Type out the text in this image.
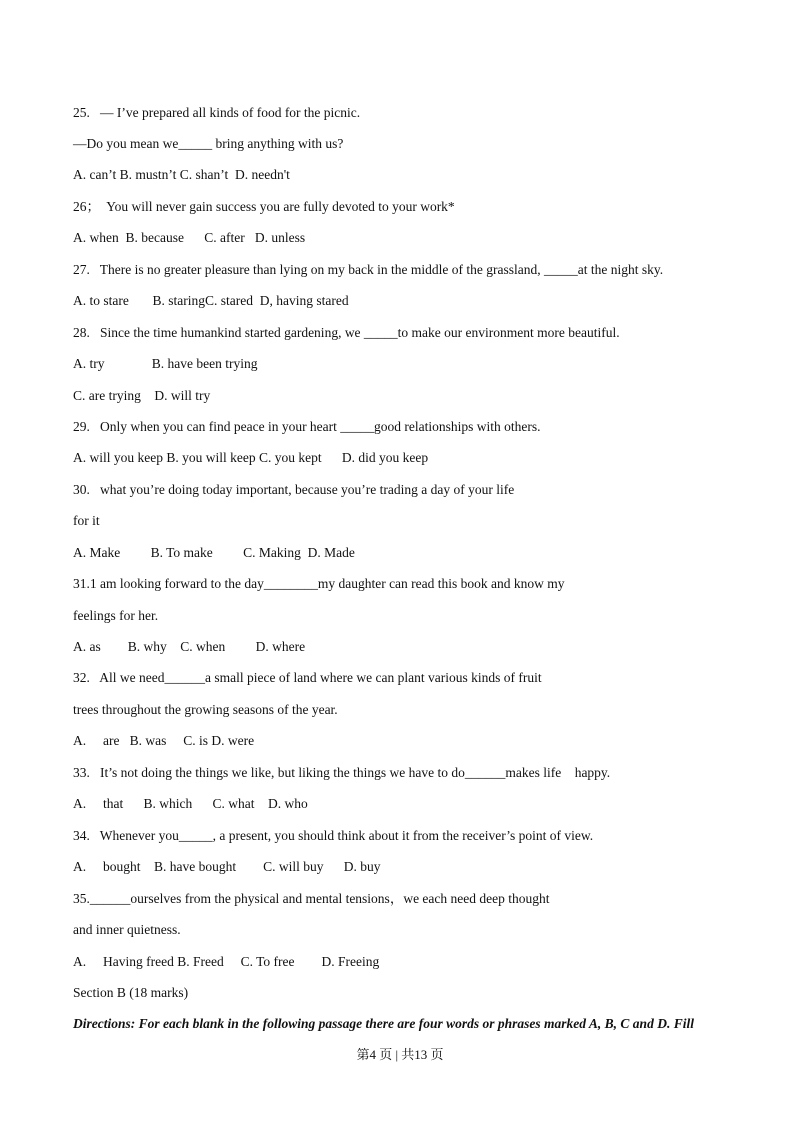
25.   — I’ve prepared all kinds of food for the picnic.
—Do you mean we_____ bring anything with us?
A. can’t B. mustn’t C. shan’t  D. needn't
26；  You will never gain success you are fully devoted to your work*
A. when  B. because      C. after   D. unless
27.   There is no greater pleasure than lying on my back in the middle of the grassland, _____at the night sky.
A. to stare       B. staringC. stared  D, having stared
28.   Since the time humankind started gardening, we _____to make our environment more beautiful.
A. try              B. have been trying
C. are trying    D. will try
29.   Only when you can find peace in your heart _____good relationships with others.
A. will you keep B. you will keep C. you kept      D. did you keep
30.   what you’re doing today important, because you’re trading a day of your life
for it
A. Make         B. To make         C. Making  D. Made
31.1 am looking forward to the day________my daughter can read this book and know my
feelings for her.
A. as        B. why    C. when         D. where
32.   All we need______a small piece of land where we can plant various kinds of fruit
trees throughout the growing seasons of the year.
A.     are   B. was     C. is D. were
33.   It’s not doing the things we like, but liking the things we have to do______makes life    happy.
A.     that      B. which      C. what    D. who
34.   Whenever you_____, a present, you should think about it from the receiver’s point of view.
A.     bought    B. have bought        C. will buy      D. buy
35.______ourselves from the physical and mental tensions，we each need deep thought
and inner quietness.
A.     Having freed B. Freed     C. To free        D. Freeing
Section B (18 marks)
Directions: For each blank in the following passage there are four words or phrases marked A, B, C and D. Fill
第4 页 | 共13 页
